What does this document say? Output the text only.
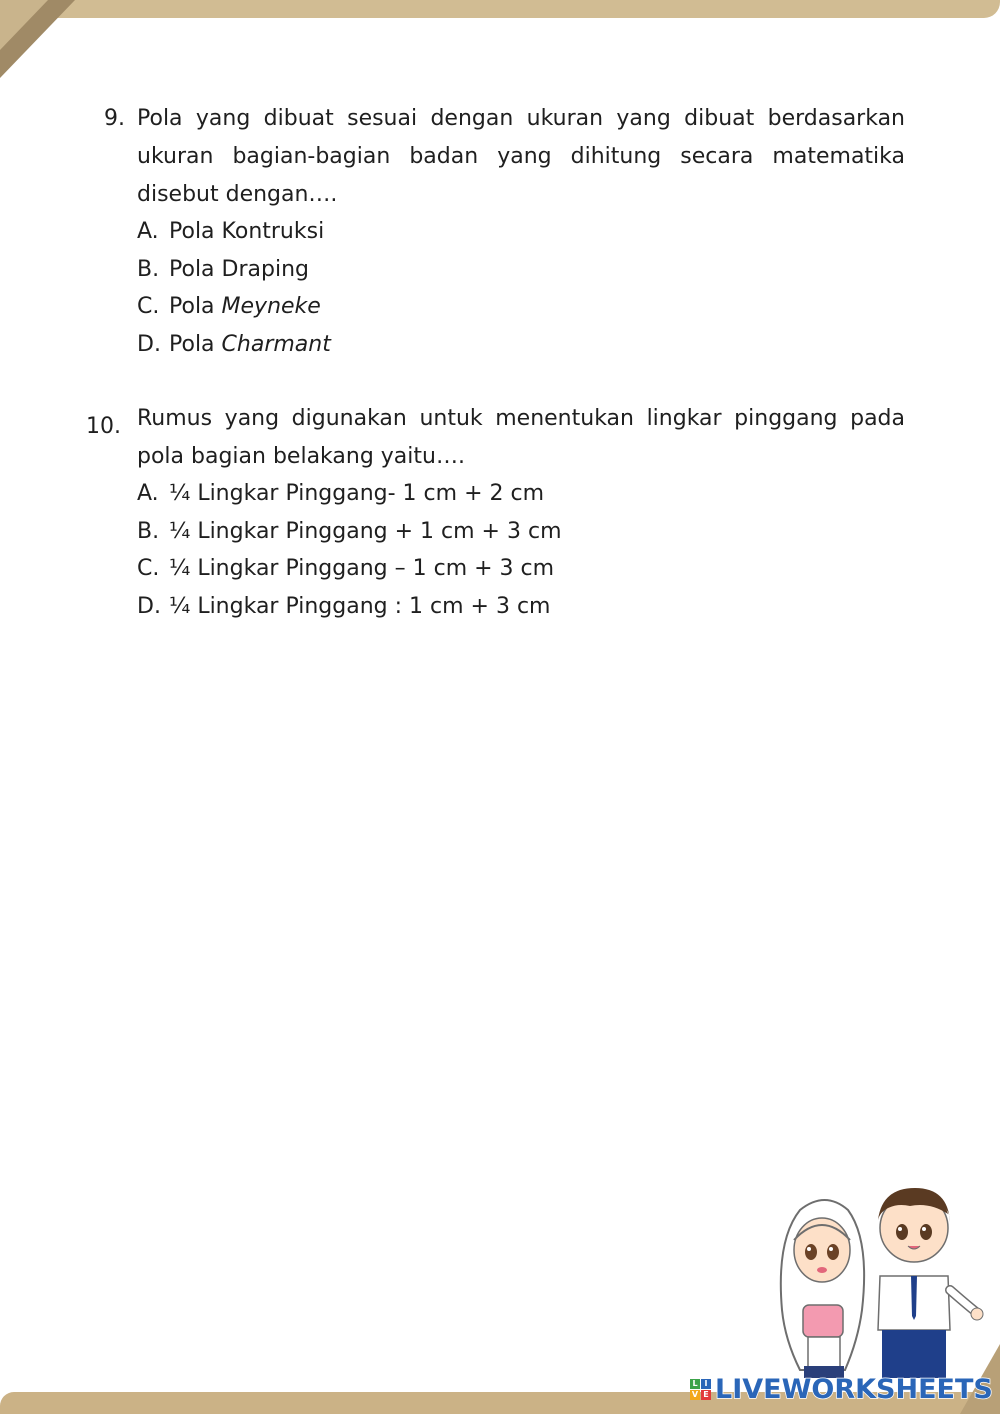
9. Pola yang dibuat sesuai dengan ukuran yang dibuat berdasarkan ukuran bagian-bagian badan yang dihitung secara matematika disebut dengan….

A. Pola Kontruksi
B. Pola Draping
C. Pola Meyneke
D. Pola Charmant
10. Rumus yang digunakan untuk menentukan lingkar pinggang pada pola bagian belakang yaitu….

A. ¼ Lingkar Pinggang- 1 cm + 2 cm
B. ¼ Lingkar Pinggang + 1 cm + 3 cm
C. ¼ Lingkar Pinggang – 1 cm + 3 cm
D. ¼ Lingkar Pinggang : 1 cm + 3 cm
L I
V E LIVEWORKSHEETS
